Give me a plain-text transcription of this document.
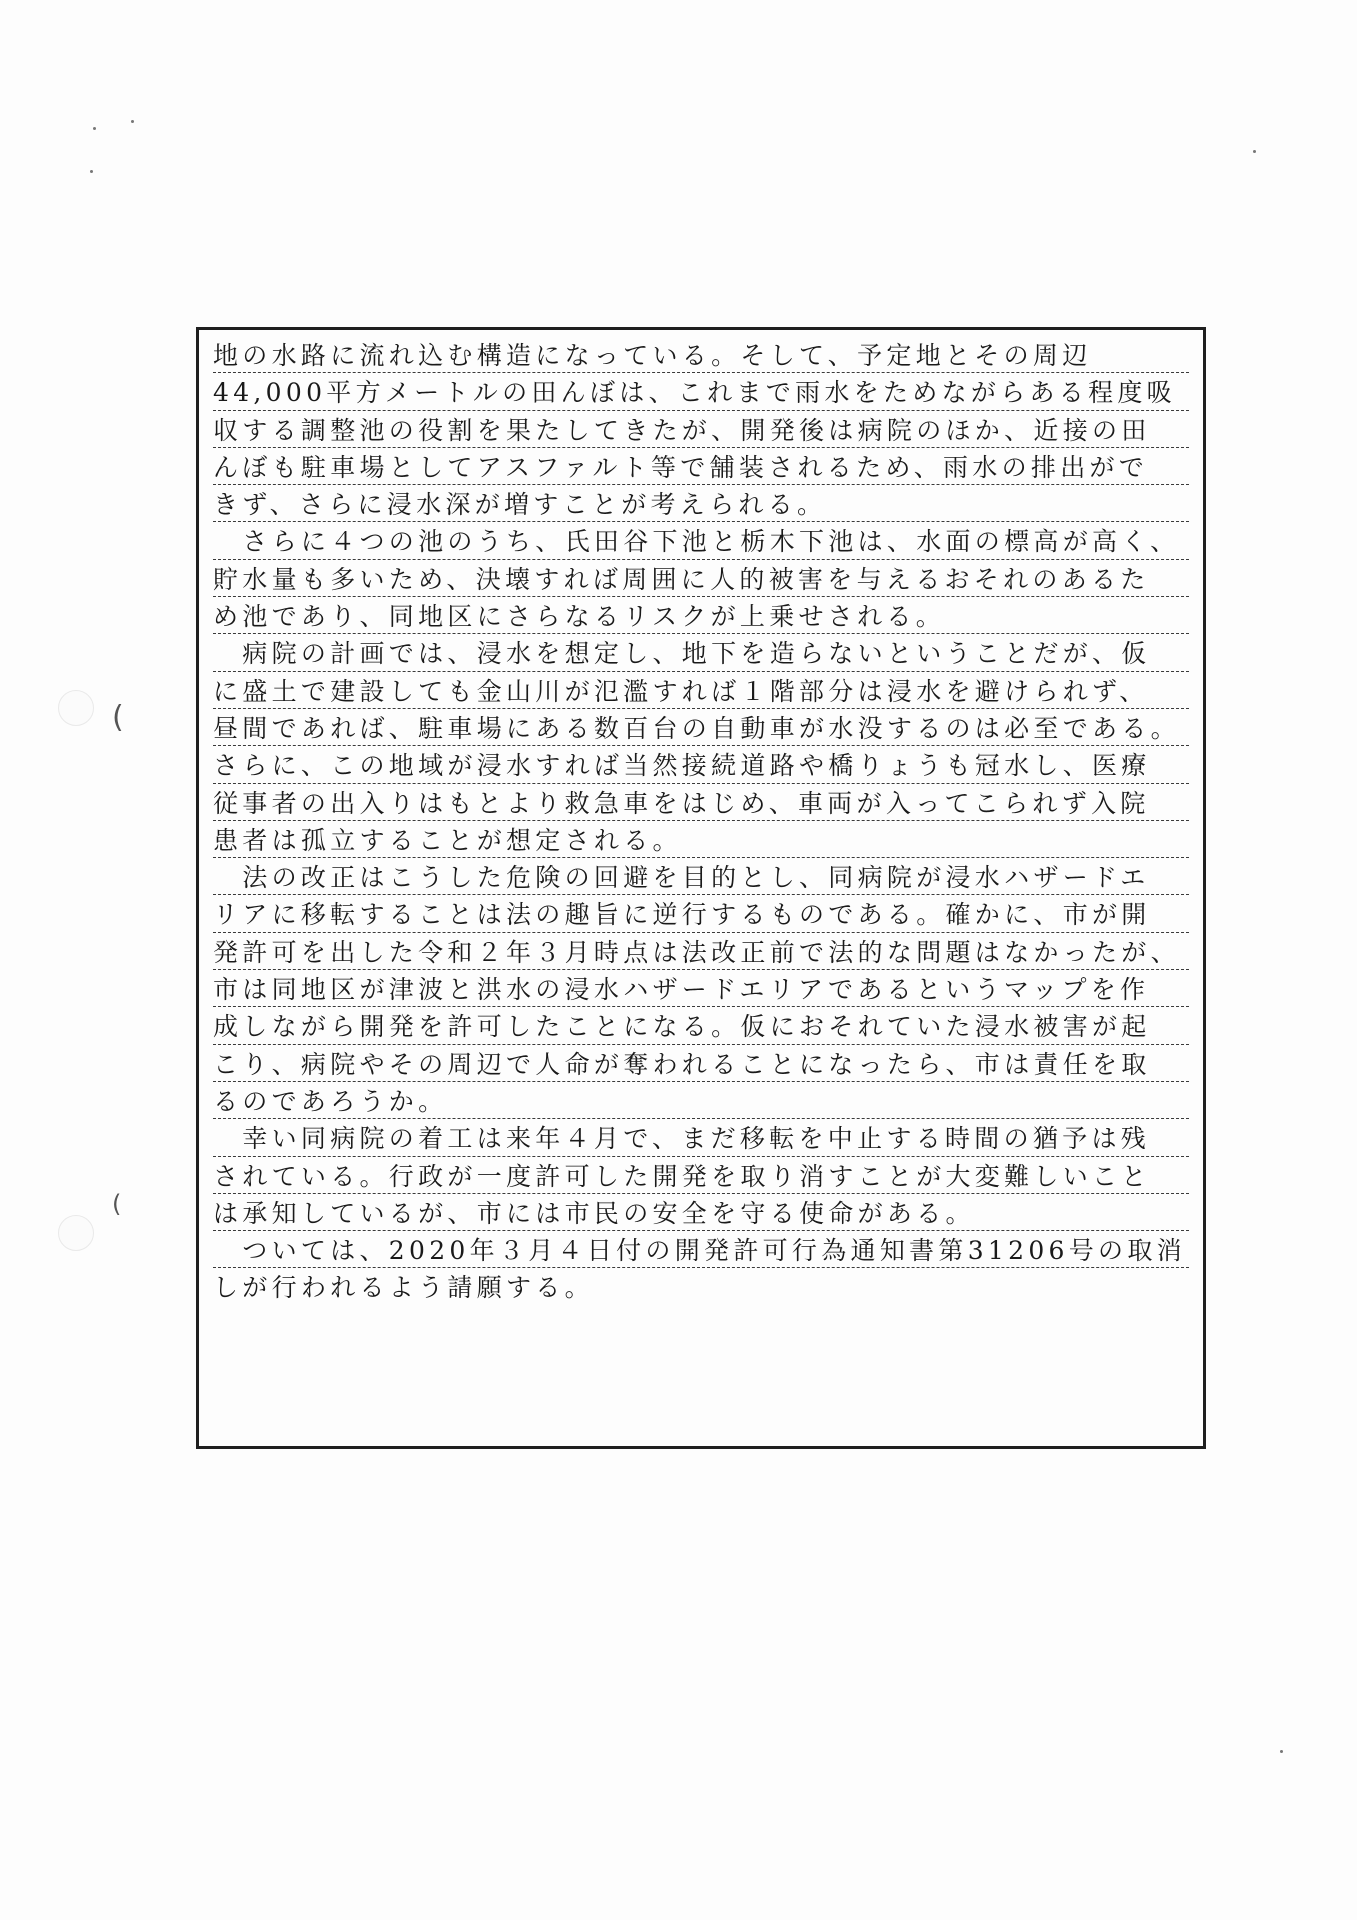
(
(
地の水路に流れ込む構造になっている。そして、予定地とその周辺
44,000平方メートルの田んぼは、これまで雨水をためながらある程度吸
収する調整池の役割を果たしてきたが、開発後は病院のほか、近接の田
んぼも駐車場としてアスファルト等で舗装されるため、雨水の排出がで
きず、さらに浸水深が増すことが考えられる。
　さらに４つの池のうち、氏田谷下池と栃木下池は、水面の標高が高く、
貯水量も多いため、決壊すれば周囲に人的被害を与えるおそれのあるた
め池であり、同地区にさらなるリスクが上乗せされる。
　病院の計画では、浸水を想定し、地下を造らないということだが、仮
に盛土で建設しても金山川が氾濫すれば１階部分は浸水を避けられず、
昼間であれば、駐車場にある数百台の自動車が水没するのは必至である。
さらに、この地域が浸水すれば当然接続道路や橋りょうも冠水し、医療
従事者の出入りはもとより救急車をはじめ、車両が入ってこられず入院
患者は孤立することが想定される。
　法の改正はこうした危険の回避を目的とし、同病院が浸水ハザードエ
リアに移転することは法の趣旨に逆行するものである。確かに、市が開
発許可を出した令和２年３月時点は法改正前で法的な問題はなかったが、
市は同地区が津波と洪水の浸水ハザードエリアであるというマップを作
成しながら開発を許可したことになる。仮におそれていた浸水被害が起
こり、病院やその周辺で人命が奪われることになったら、市は責任を取
るのであろうか。
　幸い同病院の着工は来年４月で、まだ移転を中止する時間の猶予は残
されている。行政が一度許可した開発を取り消すことが大変難しいこと
は承知しているが、市には市民の安全を守る使命がある。
　ついては、2020年３月４日付の開発許可行為通知書第31206号の取消
しが行われるよう請願する。
